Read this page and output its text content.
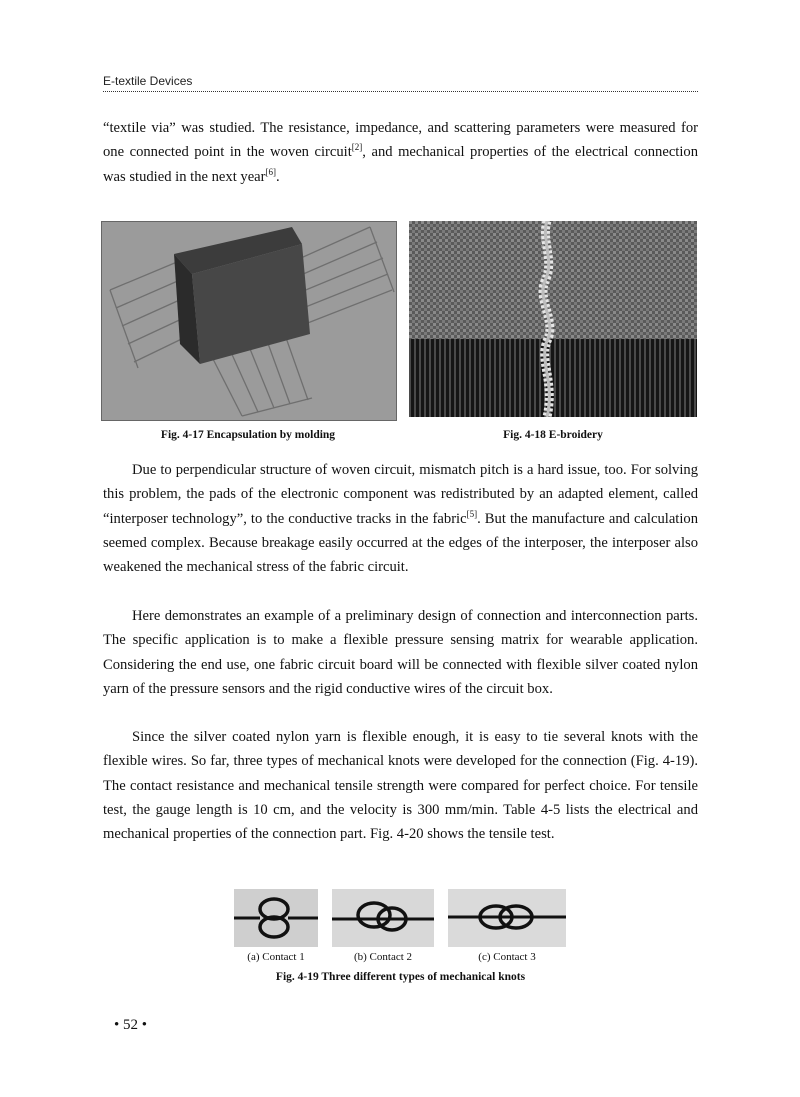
E-textile Devices

“textile via” was studied. The resistance, impedance, and scattering parameters were measured for one connected point in the woven circuit[2], and mechanical properties of the electrical connection was studied in the next year[6].

Fig. 4-17 Encapsulation by molding	Fig. 4-18 E-broidery

Due to perpendicular structure of woven circuit, mismatch pitch is a hard issue, too. For solving this problem, the pads of the electronic component was redistributed by an adapted element, called “interposer technology”, to the conductive tracks in the fabric[5]. But the manufacture and calculation seemed complex. Because breakage easily occurred at the edges of the interposer, the interposer also weakened the mechanical stress of the fabric circuit.

Here demonstrates an example of a preliminary design of connection and interconnection parts. The specific application is to make a flexible pressure sensing matrix for wearable application. Considering the end use, one fabric circuit board will be connected with flexible silver coated nylon yarn of the pressure sensors and the rigid conductive wires of the circuit box.

Since the silver coated nylon yarn is flexible enough, it is easy to tie several knots with the flexible wires. So far, three types of mechanical knots were developed for the connection (Fig. 4-19). The contact resistance and mechanical tensile strength were compared for perfect choice. For tensile test, the gauge length is 10 cm, and the velocity is 300 mm/min. Table 4-5 lists the electrical and mechanical properties of the connection part. Fig. 4-20 shows the tensile test.

(a) Contact 1	(b) Contact 2	(c) Contact 3
Fig. 4-19 Three different types of mechanical knots
• 52 •
